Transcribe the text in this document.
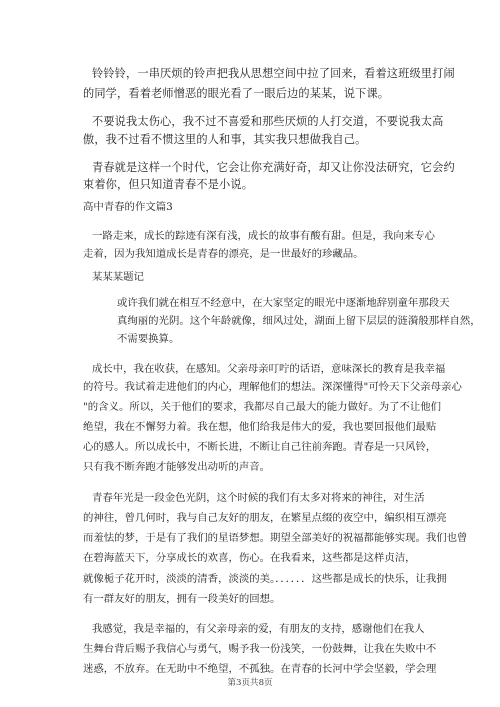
铃铃铃，一串厌烦的铃声把我从思想空间中拉了回来，看着这班级里打闹
的同学，看着老师憎恶的眼光看了一眼后边的某某，说下课。
不要说我太伤心，我不过不喜爱和那些厌烦的人打交道，不要说我太高
傲，我不过看不惯这里的人和事，其实我只想做我自己。
青春就是这样一个时代，它会让你充满好奇，却又让你没法研究，它会约
束着你，但只知道青春不是小说。
高中青春的作文篇3
一路走来，成长的踪迹有深有浅，成长的故事有酸有甜。但是，我向来专心
走着，因为我知道成长是青春的漂亮，是一世最好的珍藏品。
某某某题记
或许我们就在相互不经意中，在大家坚定的眼光中逐渐地辞别童年那段天
真绚丽的光阴。这个年龄就像，细风过处，湖面上留下层层的涟漪般那样自然，
不需要换算。
成长中，我在收获，在感知。父亲母亲叮咛的话语，意味深长的教育是我幸福
的符号。我试着走进他们的内心，理解他们的想法。深深懂得"可怜天下父亲母亲心
"的含义。所以，关于他们的要求，我都尽自己最大的能力做好。为了不让他们
绝望，我在不懈努力着。我在想，他们给我是伟大的爱，我也要回报他们最贴
心的感人。所以成长中，不断长进，不断让自己往前奔跑。青春是一只风铃，
只有我不断奔跑才能够发出动听的声音。
青春年光是一段金色光阴，这个时候的我们有太多对将来的神往，对生活
的神往，曾几何时，我与自己友好的朋友，在繁星点缀的夜空中，编织相互漂亮
而羞怯的梦，于是有了我们的星语梦想。期望全部美好的祝福都能够实现。我们也曾
在碧海蓝天下，分享成长的欢喜，伤心。在我看来，这些都是这样贞洁，
就像栀子花开时，淡淡的清香，淡淡的美。．．．．．．这些都是成长的快乐，让我拥
有一群友好的朋友，拥有一段美好的回想。
我感觉，我是幸福的，有父亲母亲的爱，有朋友的支持，感谢他们在我人
生舞台背后赐予我信心与勇气，赐予我一份浅笑，一份鼓舞，让我在失败中不
迷惑，不放弃。在无助中不绝望，不孤独。在青春的长河中学会坚毅，学会理
第3页共8页
